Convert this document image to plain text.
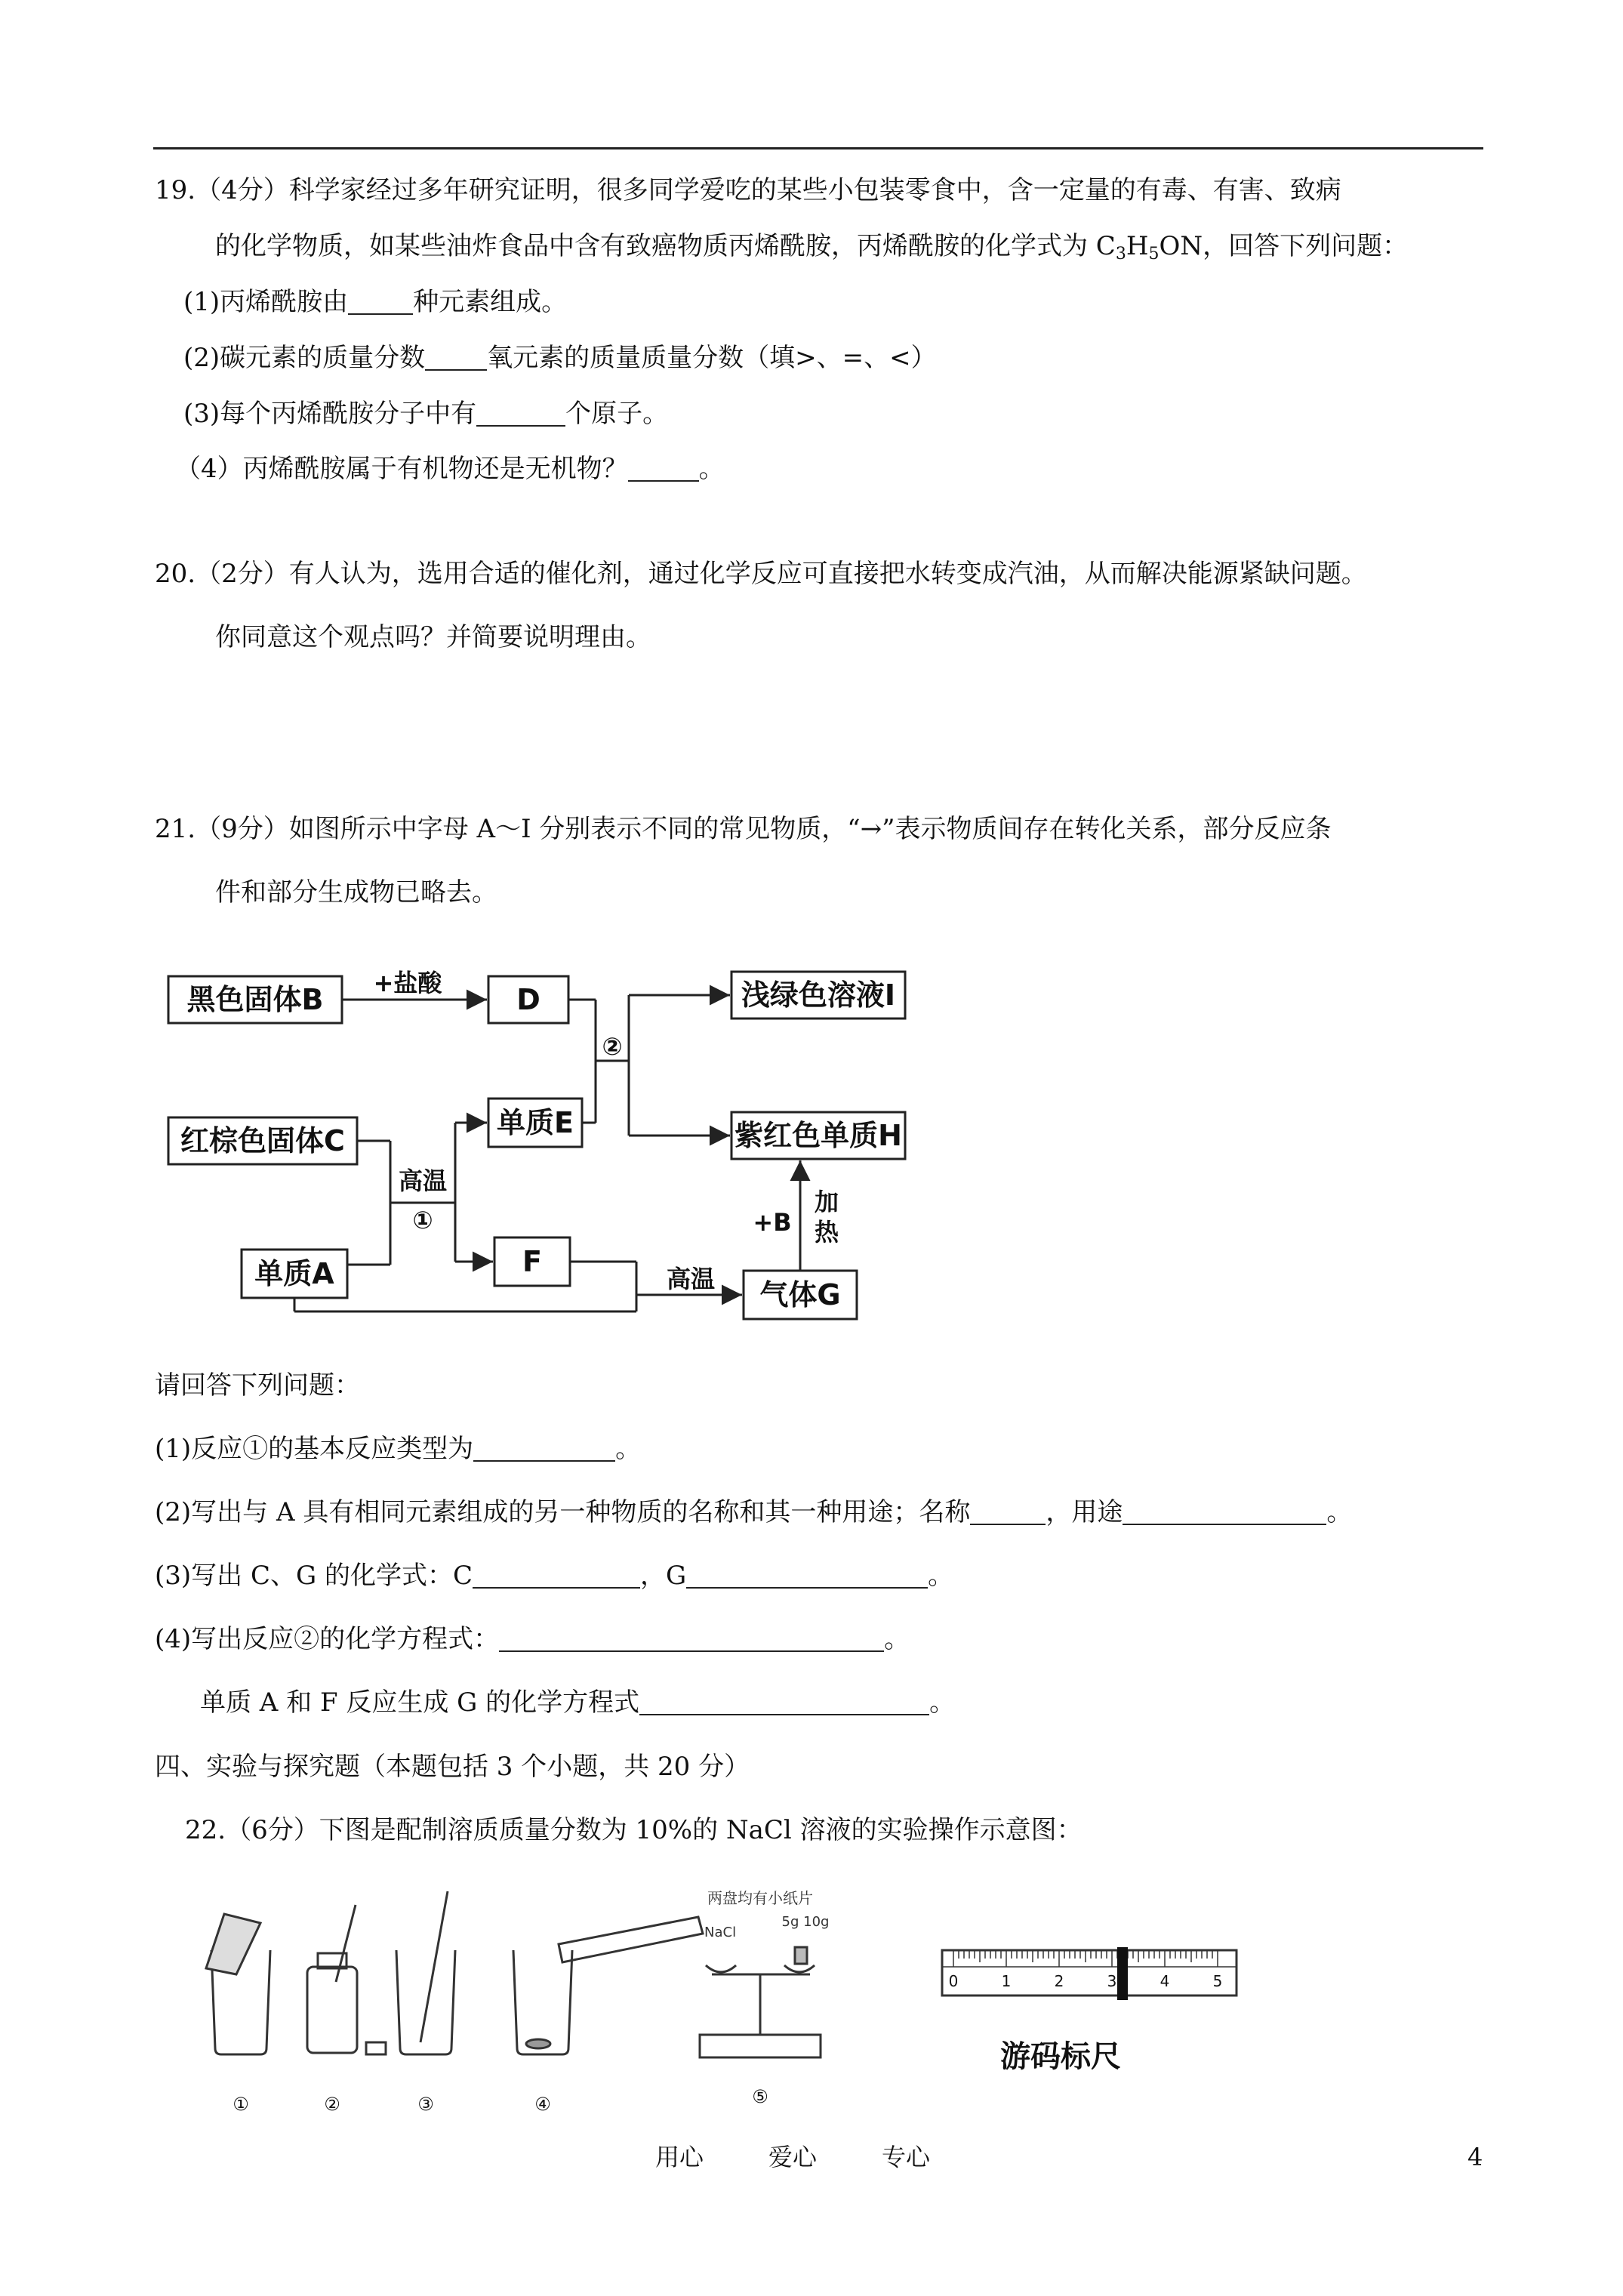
19.（4分）科学家经过多年研究证明，很多同学爱吃的某些小包装零食中，含一定量的有毒、有害、致病
的化学物质，如某些油炸食品中含有致癌物质丙烯酰胺，丙烯酰胺的化学式为 $C_3H_5ON$，回答下列问题：
(1)丙烯酰胺由	种元素组成。
(2)碳元素的质量分数 氧元素的质量质量分数（填>、=、<）
(3)每个丙烯酰胺分子中有	个原子。
（4）丙烯酰胺属于有机物还是无机物？	。
20.（2分）有人认为，选用合适的催化剂，通过化学反应可直接把水转变成汽油，从而解决能源紧缺问题。
你同意这个观点吗？并简要说明理由。
21.（9分）如图所示中字母 A～I 分别表示不同的常见物质，“→”表示物质间存在转化关系，部分反应条
件和部分生成物已略去。
黑色固体B	D	浅绿色溶液I
红棕色固体C
单质E	紫红色单质H
单质A	F
气体G
+盐酸
②
高温
①
高温
+B
加
热
请回答下列问题：
(1)反应①的基本反应类型为	。
(2)写出与 A 具有相同元素组成的另一种物质的名称和其一种用途；名称	，用途	。
(3)写出 C、G 的化学式：C	，G	。
(4)写出反应②的化学方程式：	。
单质 A 和 F 反应生成 G 的化学方程式	。
四、实验与探究题（本题包括 3 个小题，共 20 分）
22.（6分）下图是配制溶质质量分数为 10%的 NaCl 溶液的实验操作示意图：
0	1	2	3	4	5
①	②	③	④	⑤
两盘均有小纸片
5g 10g
NaCl
游码标尺
用心	爱心	专心	4
